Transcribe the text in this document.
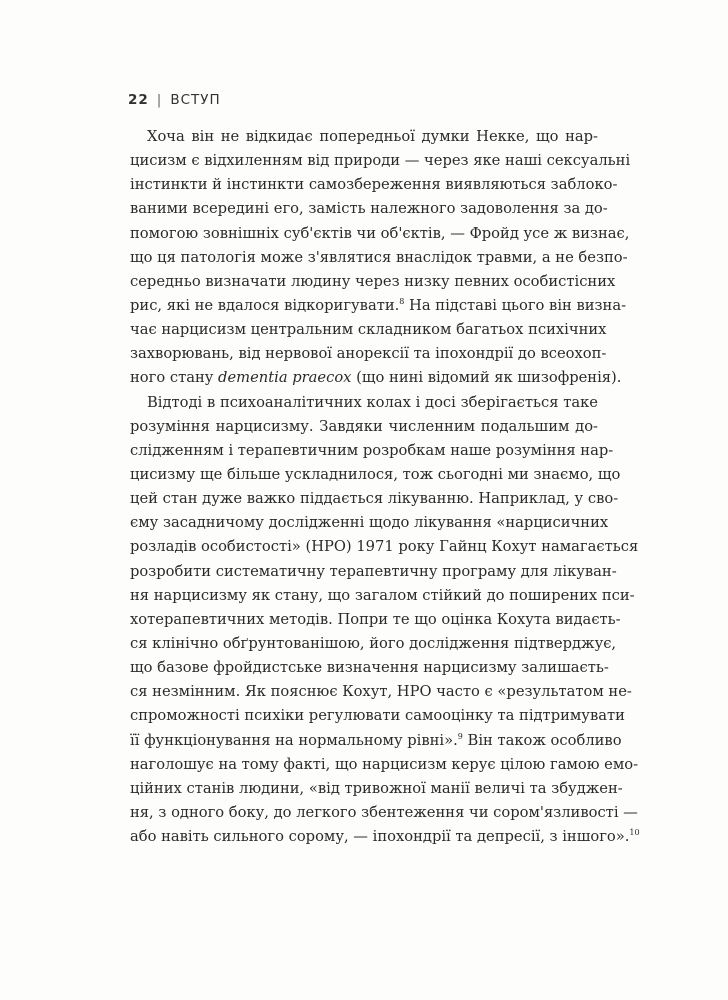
22 | ВСТУП
Хоча він не відкидає попередньої думки Некке, що нар-
цисизм є відхиленням від природи — через яке наші сексуальні
інстинкти й інстинкти самозбереження виявляються заблоко-
ваними всередині его, замість належного задоволення за до-
помогою зовнішніх суб'єктів чи об'єктів, — Фройд усе ж визнає,
що ця патологія може з'являтися внаслідок травми, а не безпо-
середньо визначати людину через низку певних особистісних
рис, які не вдалося відкоригувати.$^8$ На підставі цього він визна-
чає нарцисизм центральним складником багатьох психічних
захворювань, від нервової анорексії та іпохондрії до всеохоп-
ного стану dementia praecox (що нині відомий як шизофренія).
Відтоді в психоаналітичних колах і досі зберігається таке
розуміння нарцисизму. Завдяки численним подальшим до-
слідженням і терапевтичним розробкам наше розуміння нар-
цисизму ще більше ускладнилося, тож сьогодні ми знаємо, що
цей стан дуже важко піддається лікуванню. Наприклад, у сво-
єму засадничому дослідженні щодо лікування «нарцисичних
розладів особистості» (НРО) 1971 року Гайнц Кохут намагається
розробити систематичну терапевтичну програму для лікуван-
ня нарцисизму як стану, що загалом стійкий до поширених пси-
хотерапевтичних методів. Попри те що оцінка Кохута видаєть-
ся клінічно обґрунтованішою, його дослідження підтверджує,
що базове фройдистське визначення нарцисизму залишаєть-
ся незмінним. Як пояснює Кохут, НРО часто є «результатом не-
спроможності психіки регулювати самооцінку та підтримувати
її функціонування на нормальному рівні».$^9$ Він також особливо
наголошує на тому факті, що нарцисизм керує цілою гамою емо-
ційних станів людини, «від тривожної манії величі та збуджен-
ня, з одного боку, до легкого збентеження чи сором'язливості —
або навіть сильного сорому, — іпохондрії та депресії, з іншого».$^{10}$
